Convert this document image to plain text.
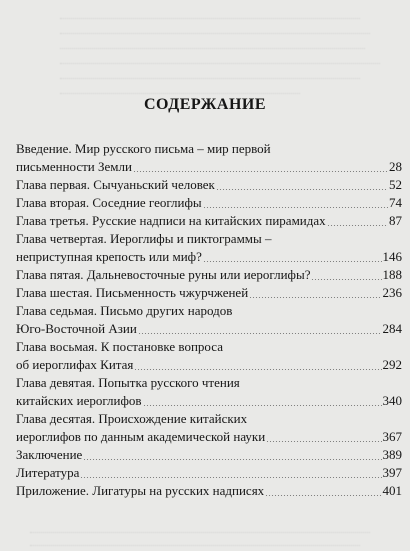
СОДЕРЖАНИЕ
Введение. Мир русского письма – мир первой
письменности Земли	28
Глава первая. Сычуаньский человек	52
Глава вторая. Соседние геоглифы	74
Глава третья. Русские надписи на китайских пирамидах	87
Глава четвертая. Иероглифы и пиктограммы –
неприступная крепость или миф?	146
Глава пятая. Дальневосточные руны или иероглифы?	188
Глава шестая. Письменность чжурчженей	236
Глава седьмая. Письмо других народов
Юго-Восточной Азии	284
Глава восьмая. К постановке вопроса
об иероглифах Китая	292
Глава девятая. Попытка русского чтения
китайских иероглифов	340
Глава десятая. Происхождение китайских
иероглифов по данным академической науки	367
Заключение	389
Литература	397
Приложение. Лигатуры на русских надписях	401
